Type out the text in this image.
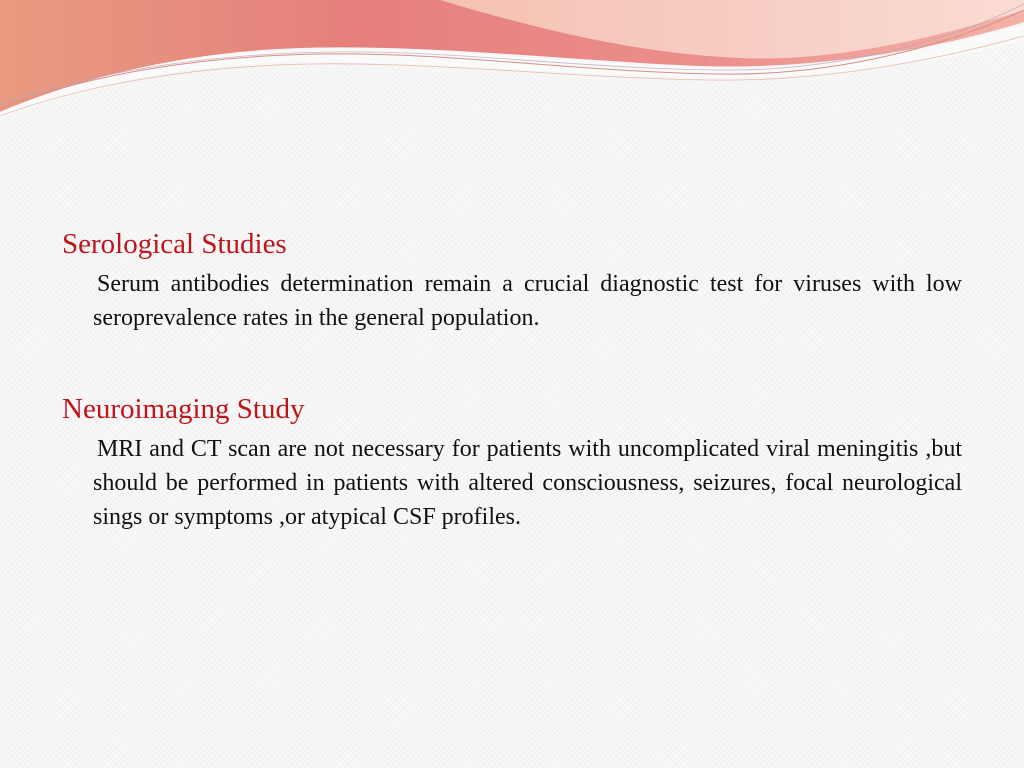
Serological Studies

Serum antibodies determination remain a crucial diagnostic test for viruses with low seroprevalence rates in the general population.

Neuroimaging Study

MRI and CT scan are not necessary for patients with uncomplicated viral meningitis ,but should be performed in patients with altered consciousness, seizures, focal neurological sings or symptoms ,or atypical CSF profiles.
